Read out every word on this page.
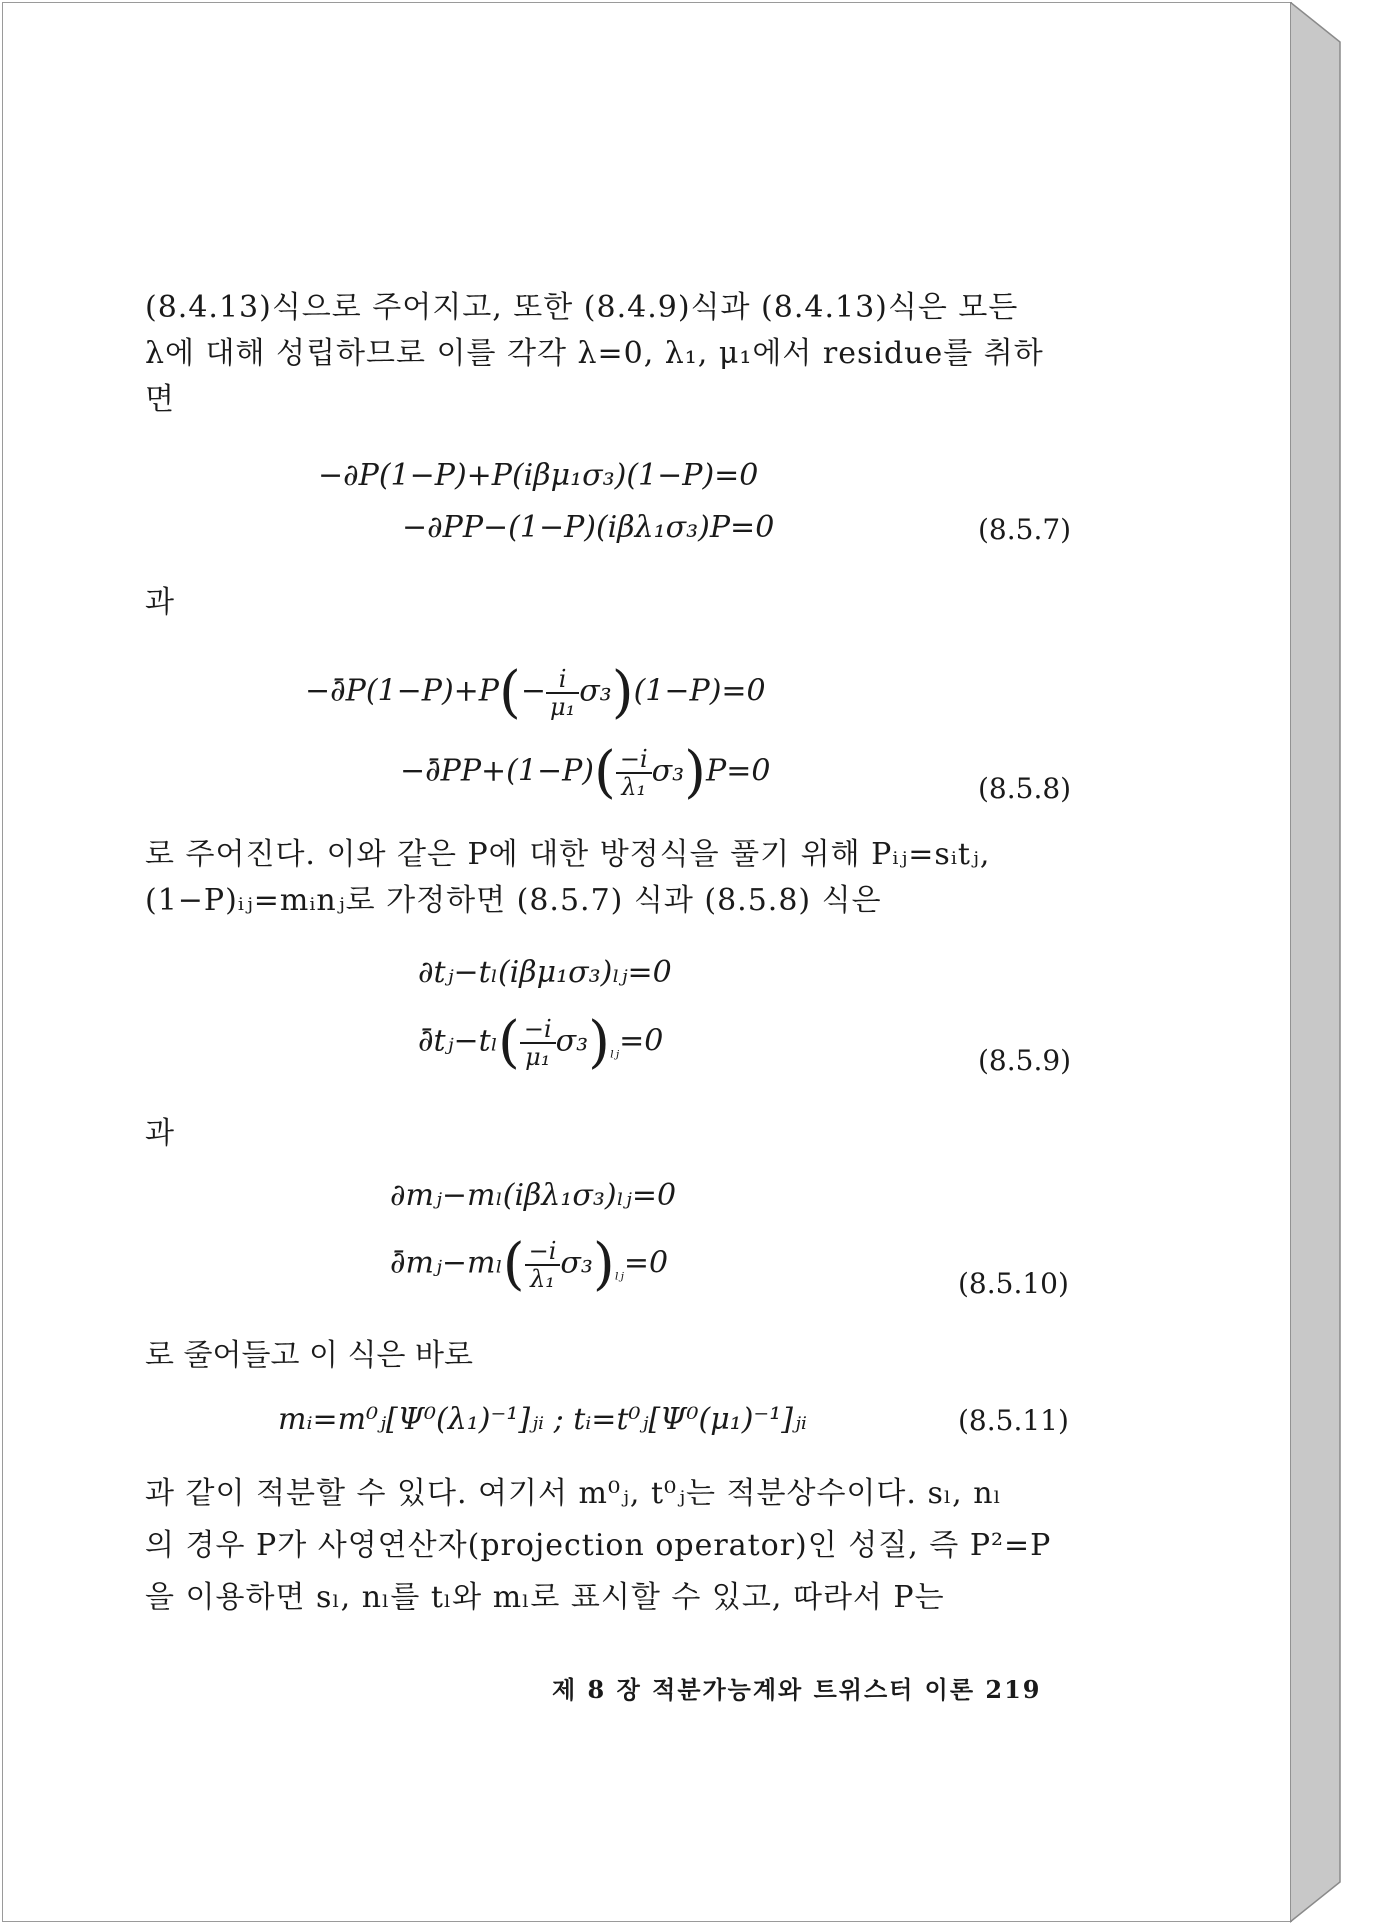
(8.4.13)식으로 주어지고, 또한 (8.4.9)식과 (8.4.13)식은 모든
λ에 대해 성립하므로 이를 각각 λ=0, λ₁, μ₁에서 residue를 취하
면

−∂P(1−P)+P(iβμ₁σ₃)(1−P)=0
−∂PP−(1−P)(iβλ₁σ₃)P=0	(8.5.7)
과
−∂̄P(1−P)+P(− $\frac{i}{\text{μ₁}} \sigma_3)(1-P)=0$
−∂̄PP+(1−P)( $\frac{-i}{\text{λ₁}} \sigma_3)P=0$	(8.5.8)

로 주어진다. 이와 같은 P에 대한 방정식을 풀기 위해 Pᵢⱼ=sᵢtⱼ,
(1−P)ᵢⱼ=mᵢnⱼ로 가정하면 (8.5.7) 식과 (8.5.8) 식은

∂tⱼ−tₗ(iβμ₁σ₃)ₗⱼ=0
∂̄tⱼ−tₗ( $\frac{-i}{\text{μ₁}} \sigma_3)_{_lⱼ}=0$
(8.5.9)
과
∂mⱼ−mₗ(iβλ₁σ₃)ₗⱼ=0
∂̄mⱼ−mₗ( $\frac{-i}{\text{λ₁}} \sigma_3)_{_lⱼ}=0$
(8.5.10)
로 줄어들고 이 식은 바로
mᵢ=m⁰ⱼ[Ψ⁰(λ₁)⁻¹]ⱼᵢ ; tᵢ=t⁰ⱼ[Ψ⁰(μ₁)⁻¹]ⱼᵢ	(8.5.11)

과 같이 적분할 수 있다. 여기서 m⁰ⱼ, t⁰ⱼ는 적분상수이다. sₗ, nₗ
의 경우 P가 사영연산자(projection operator)인 성질, 즉 P²=P
을 이용하면 sₗ, nₗ를 tₗ와 mₗ로 표시할 수 있고, 따라서 P는

제 8 장 적분가능계와 트위스터 이론 219
